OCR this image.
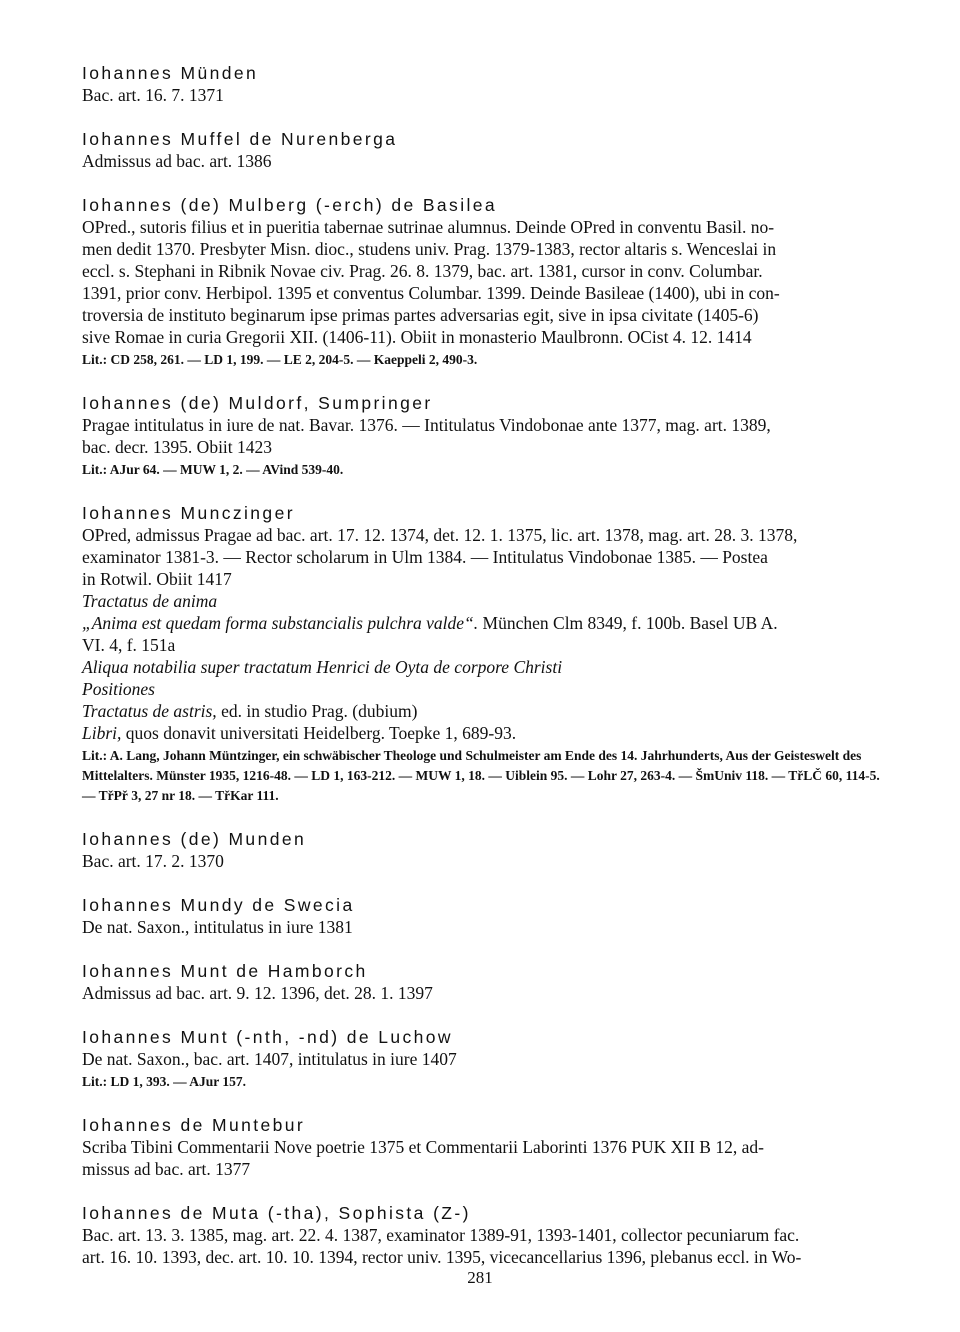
Iohannes Münden
Bac. art. 16. 7. 1371
Iohannes Muffel de Nurenberga
Admissus ad bac. art. 1386
Iohannes (de) Mulberg (-erch) de Basilea
OPred., sutoris filius et in pueritia tabernae sutrinae alumnus. Deinde OPred in conventu Basil. no-
men dedit 1370. Presbyter Misn. dioc., studens univ. Prag. 1379-1383, rector altaris s. Wenceslai in
eccl. s. Stephani in Ribnik Novae civ. Prag. 26. 8. 1379, bac. art. 1381, cursor in conv. Columbar.
1391, prior conv. Herbipol. 1395 et conventus Columbar. 1399. Deinde Basileae (1400), ubi in con-
troversia de instituto beginarum ipse primas partes adversarias egit, sive in ipsa civitate (1405-6)
sive Romae in curia Gregorii XII. (1406-11). Obiit in monasterio Maulbronn. OCist 4. 12. 1414
Lit.: CD 258, 261. — LD 1, 199. — LE 2, 204-5. — Kaeppeli 2, 490-3.
Iohannes (de) Muldorf, Sumpringer
Pragae intitulatus in iure de nat. Bavar. 1376. — Intitulatus Vindobonae ante 1377, mag. art. 1389,
bac. decr. 1395. Obiit 1423
Lit.: AJur 64. — MUW 1, 2. — AVind 539-40.
Iohannes Munczinger
OPred, admissus Pragae ad bac. art. 17. 12. 1374, det. 12. 1. 1375, lic. art. 1378, mag. art. 28. 3. 1378,
examinator 1381-3. — Rector scholarum in Ulm 1384. — Intitulatus Vindobonae 1385. — Postea
in Rotwil. Obiit 1417
Tractatus de anima
„Anima est quedam forma substancialis pulchra valde“. München Clm 8349, f. 100b. Basel UB A.
VI. 4, f. 151a
Aliqua notabilia super tractatum Henrici de Oyta de corpore Christi
Positiones
Tractatus de astris, ed. in studio Prag. (dubium)
Libri, quos donavit universitati Heidelberg. Toepke 1, 689-93.
Lit.: A. Lang, Johann Müntzinger, ein schwäbischer Theologe und Schulmeister am Ende des 14. Jahrhunderts, Aus der Geisteswelt des Mittelalters. Münster 1935, 1216-48. — LD 1, 163-212. — MUW 1, 18. — Uiblein 95. — Lohr 27, 263-4. — ŠmUniv 118. — TřLČ 60, 114-5. — TřPř 3, 27 nr 18. — TřKar 111.
Iohannes (de) Munden
Bac. art. 17. 2. 1370
Iohannes Mundy de Swecia
De nat. Saxon., intitulatus in iure 1381
Iohannes Munt de Hamborch
Admissus ad bac. art. 9. 12. 1396, det. 28. 1. 1397
Iohannes Munt (-nth, -nd) de Luchow
De nat. Saxon., bac. art. 1407, intitulatus in iure 1407
Lit.: LD 1, 393. — AJur 157.
Iohannes de Muntebur
Scriba Tibini Commentarii Nove poetrie 1375 et Commentarii Laborinti 1376 PUK XII B 12, ad-
missus ad bac. art. 1377
Iohannes de Muta (-tha), Sophista (Z-)
Bac. art. 13. 3. 1385, mag. art. 22. 4. 1387, examinator 1389-91, 1393-1401, collector pecuniarum fac.
art. 16. 10. 1393, dec. art. 10. 10. 1394, rector univ. 1395, vicecancellarius 1396, plebanus eccl. in Wo-
281
